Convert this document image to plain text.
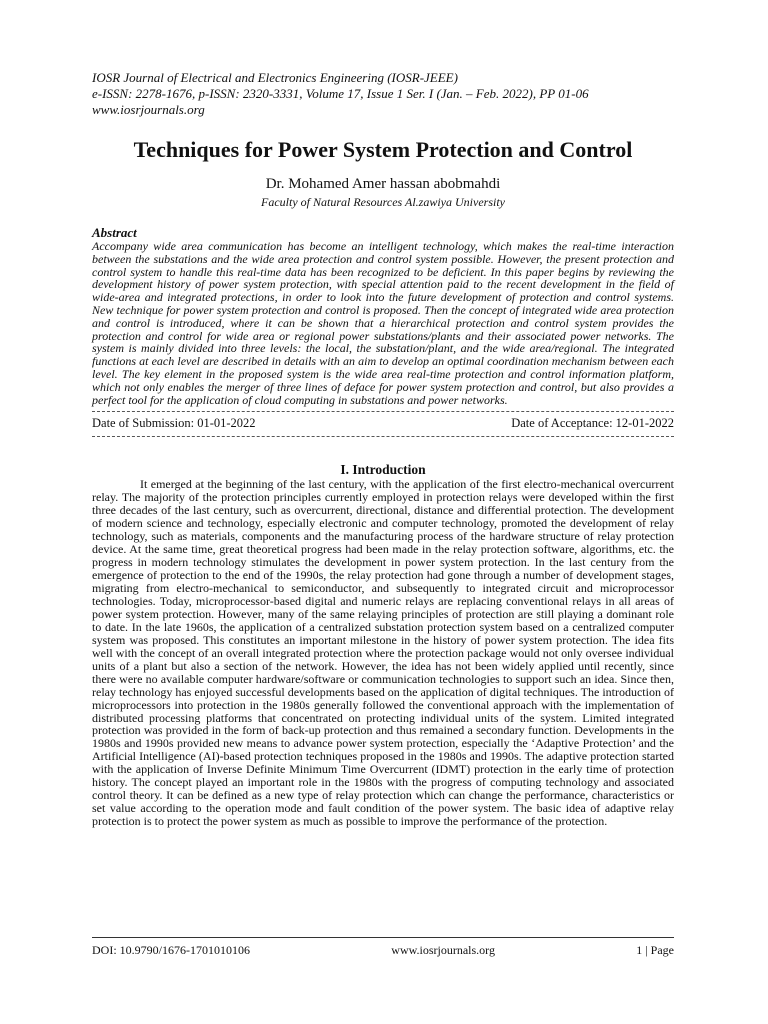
IOSR Journal of Electrical and Electronics Engineering (IOSR-JEEE)

e-ISSN: 2278-1676, p-ISSN: 2320-3331, Volume 17, Issue 1 Ser. I (Jan. – Feb. 2022), PP 01-06

www.iosrjournals.org

Techniques for Power System Protection and Control

Dr. Mohamed Amer hassan abobmahdi

Faculty of Natural Resources Al.zawiya University

Abstract

Accompany wide area communication has become an intelligent technology, which makes the real-time interaction between the substations and the wide area protection and control system possible. However, the present protection and control system to handle this real-time data has been recognized to be deficient. In this paper begins by reviewing the development history of power system protection, with special attention paid to the recent development in the field of wide-area and integrated protections, in order to look into the future development of protection and control systems. New technique for power system protection and control is proposed. Then the concept of integrated wide area protection and control is introduced, where it can be shown that a hierarchical protection and control system provides the protection and control for wide area or regional power substations/plants and their associated power networks. The system is mainly divided into three levels: the local, the substation/plant, and the wide area/regional. The integrated functions at each level are described in details with an aim to develop an optimal coordination mechanism between each level. The key element in the proposed system is the wide area real-time protection and control information platform, which not only enables the merger of three lines of deface for power system protection and control, but also provides a perfect tool for the application of cloud computing in substations and power networks.

Date of Submission: 01-01-2022	Date of Acceptance: 12-01-2022
I. Introduction

It emerged at the beginning of the last century, with the application of the first electro-mechanical overcurrent relay. The majority of the protection principles currently employed in protection relays were developed within the first three decades of the last century, such as overcurrent, directional, distance and differential protection. The development of modern science and technology, especially electronic and computer technology, promoted the development of relay technology, such as materials, components and the manufacturing process of the hardware structure of relay protection device. At the same time, great theoretical progress had been made in the relay protection software, algorithms, etc. the progress in modern technology stimulates the development in power system protection. In the last century from the emergence of protection to the end of the 1990s, the relay protection had gone through a number of development stages, migrating from electro-mechanical to semiconductor, and subsequently to integrated circuit and microprocessor technologies. Today, microprocessor-based digital and numeric relays are replacing conventional relays in all areas of power system protection. However, many of the same relaying principles of protection are still playing a dominant role to date. In the late 1960s, the application of a centralized substation protection system based on a centralized computer system was proposed. This constitutes an important milestone in the history of power system protection. The idea fits well with the concept of an overall integrated protection where the protection package would not only oversee individual units of a plant but also a section of the network. However, the idea has not been widely applied until recently, since there were no available computer hardware/software or communication technologies to support such an idea. Since then, relay technology has enjoyed successful developments based on the application of digital techniques. The introduction of microprocessors into protection in the 1980s generally followed the conventional approach with the implementation of distributed processing platforms that concentrated on protecting individual units of the system. Limited integrated protection was provided in the form of back-up protection and thus remained a secondary function. Developments in the 1980s and 1990s provided new means to advance power system protection, especially the ‘Adaptive Protection’ and the Artificial Intelligence (AI)-based protection techniques proposed in the 1980s and 1990s. The adaptive protection started with the application of Inverse Definite Minimum Time Overcurrent (IDMT) protection in the early time of protection history. The concept played an important role in the 1980s with the progress of computing technology and associated control theory. It can be defined as a new type of relay protection which can change the performance, characteristics or set value according to the operation mode and fault condition of the power system. The basic idea of adaptive relay protection is to protect the power system as much as possible to improve the performance of the protection.

DOI: 10.9790/1676-1701010106	www.iosrjournals.org	1 | Page
